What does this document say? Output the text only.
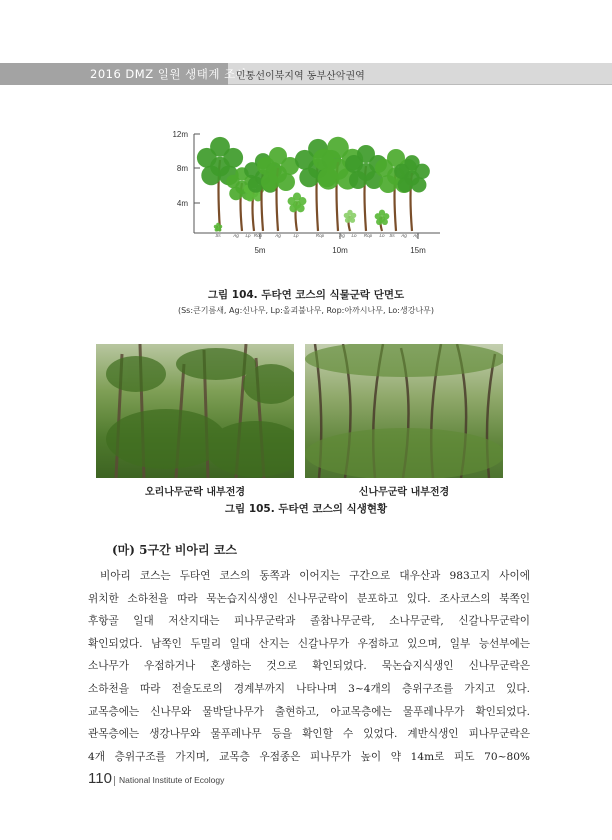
2016 DMZ 일원 생태계 조사
민통선이북지역 동부산악권역
12m
8m
4m
5m	10m	15m
Ss	Ag Lp Rop	Ag	Lp	Rop	Ag Lo Rop Lo Ss Ag Ag
그림 104. 두타연 코스의 식물군락 단면도
(Ss:큰기름새, Ag:신나무, Lp:올괴불나무, Rop:아까시나무, Lo:생강나무)
오리나무군락 내부전경	신나무군락 내부전경
그림 105. 두타연 코스의 식생현황
(마) 5구간 비아리 코스

비아리 코스는 두타연 코스의 동쪽과 이어지는 구간으로 대우산과 983고지 사이에

위치한 소하천을 따라 묵논습지식생인 신나무군락이 분포하고 있다. 조사코스의 북쪽인

후항골 일대 저산지대는 피나무군락과 졸참나무군락, 소나무군락, 신갈나무군락이

확인되었다. 남쪽인 두밀리 일대 산지는 신갈나무가 우점하고 있으며, 일부 능선부에는

소나무가 우점하거나 혼생하는 것으로 확인되었다. 묵논습지식생인 신나무군락은

소하천을 따라 전술도로의 경계부까지 나타나며 3~4개의 층위구조를 가지고 있다.

교목층에는 신나무와 물박달나무가 출현하고, 아교목층에는 물푸레나무가 확인되었다.

관목층에는 생강나무와 물푸레나무 등을 확인할 수 있었다. 계반식생인 피나무군락은

4개 층위구조를 가지며, 교목층 우점종은 피나무가 높이 약 14m로 피도 70~80%

110 National Institute of Ecology
